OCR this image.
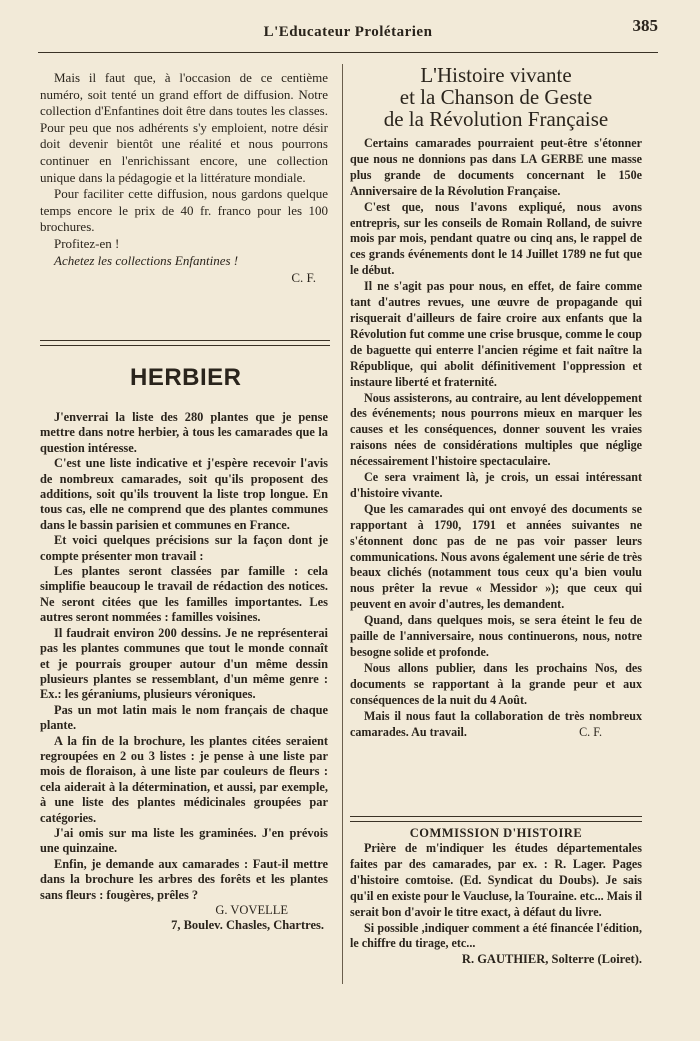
L'Educateur Prolétarien	385

Mais il faut que, à l'occasion de ce centième numéro, soit tenté un grand effort de diffusion. Notre collection d'Enfantines doit être dans toutes les classes. Pour peu que nos adhérents s'y emploient, notre désir doit devenir bientôt une réalité et nous pourrons continuer en l'enrichissant encore, une collection unique dans la pédagogie et la littérature mondiale.

Pour faciliter cette diffusion, nous gardons quelque temps encore le prix de 40 fr. franco pour les 100 brochures.

Profitez-en !

Achetez les collections Enfantines !

C. F.

HERBIER

J'enverrai la liste des 280 plantes que je pense mettre dans notre herbier, à tous les camarades que la question intéresse.

C'est une liste indicative et j'espère recevoir l'avis de nombreux camarades, soit qu'ils proposent des additions, soit qu'ils trouvent la liste trop longue. En tous cas, elle ne comprend que des plantes communes dans le bassin parisien et communes en France.

Et voici quelques précisions sur la façon dont je compte présenter mon travail :

Les plantes seront classées par famille : cela simplifie beaucoup le travail de rédaction des notices. Ne seront citées que les familles importantes. Les autres seront nommées : familles voisines.

Il faudrait environ 200 dessins. Je ne représenterai pas les plantes communes que tout le monde connaît et je pourrais grouper autour d'un même dessin plusieurs plantes se ressemblant, d'un même genre : Ex.: les géraniums, plusieurs véroniques.

Pas un mot latin mais le nom français de chaque plante.

A la fin de la brochure, les plantes citées seraient regroupées en 2 ou 3 listes : je pense à une liste par mois de floraison, à une liste par couleurs de fleurs : cela aiderait à la détermination, et aussi, par exemple, à une liste des plantes médicinales groupées par catégories.

J'ai omis sur ma liste les graminées. J'en prévois une quinzaine.

Enfin, je demande aux camarades : Faut-il mettre dans la brochure les arbres des forêts et les plantes sans fleurs : fougères, prêles ?

G. VOVELLE

7, Boulev. Chasles, Chartres.

L'Histoire vivante

et la Chanson de Geste

de la Révolution Française

Certains camarades pourraient peut-être s'étonner que nous ne donnions pas dans LA GERBE une masse plus grande de documents concernant le 150e Anniversaire de la Révolution Française.

C'est que, nous l'avons expliqué, nous avons entrepris, sur les conseils de Romain Rolland, de suivre mois par mois, pendant quatre ou cinq ans, le rappel de ces grands événements dont le 14 Juillet 1789 ne fut que le début.

Il ne s'agit pas pour nous, en effet, de faire comme tant d'autres revues, une œuvre de propagande qui risquerait d'ailleurs de faire croire aux enfants que la Révolution fut comme une crise brusque, comme le coup de baguette qui enterre l'ancien régime et fait naître la République, qui abolit définitivement l'oppression et instaure liberté et fraternité.

Nous assisterons, au contraire, au lent développement des événements; nous pourrons mieux en marquer les causes et les conséquences, donner souvent les vraies raisons nées de considérations multiples que néglige nécessairement l'histoire spectaculaire.

Ce sera vraiment là, je crois, un essai intéressant d'histoire vivante.

Que les camarades qui ont envoyé des documents se rapportant à 1790, 1791 et années suivantes ne s'étonnent donc pas de ne pas voir passer leurs communications. Nous avons également une série de très beaux clichés (notamment tous ceux qu'a bien voulu nous prêter la revue « Messidor »); que ceux qui peuvent en avoir d'autres, les demandent.

Quand, dans quelques mois, se sera éteint le feu de paille de l'anniversaire, nous continuerons, nous, notre besogne solide et profonde.

Nous allons publier, dans les prochains Nos, des documents se rapportant à la grande peur et aux conséquences de la nuit du 4 Août.

Mais il nous faut la collaboration de très nombreux camarades. Au travail.	C. F.

COMMISSION D'HISTOIRE

Prière de m'indiquer les études départementales faites par des camarades, par ex. : R. Lager. Pages d'histoire comtoise. (Ed. Syndicat du Doubs). Je sais qu'il en existe pour le Vaucluse, la Touraine. etc... Mais il serait bon d'avoir le titre exact, à défaut du livre.

Si possible ,indiquer comment a été financée l'édition, le chiffre du tirage, etc...

R. GAUTHIER, Solterre (Loiret).
